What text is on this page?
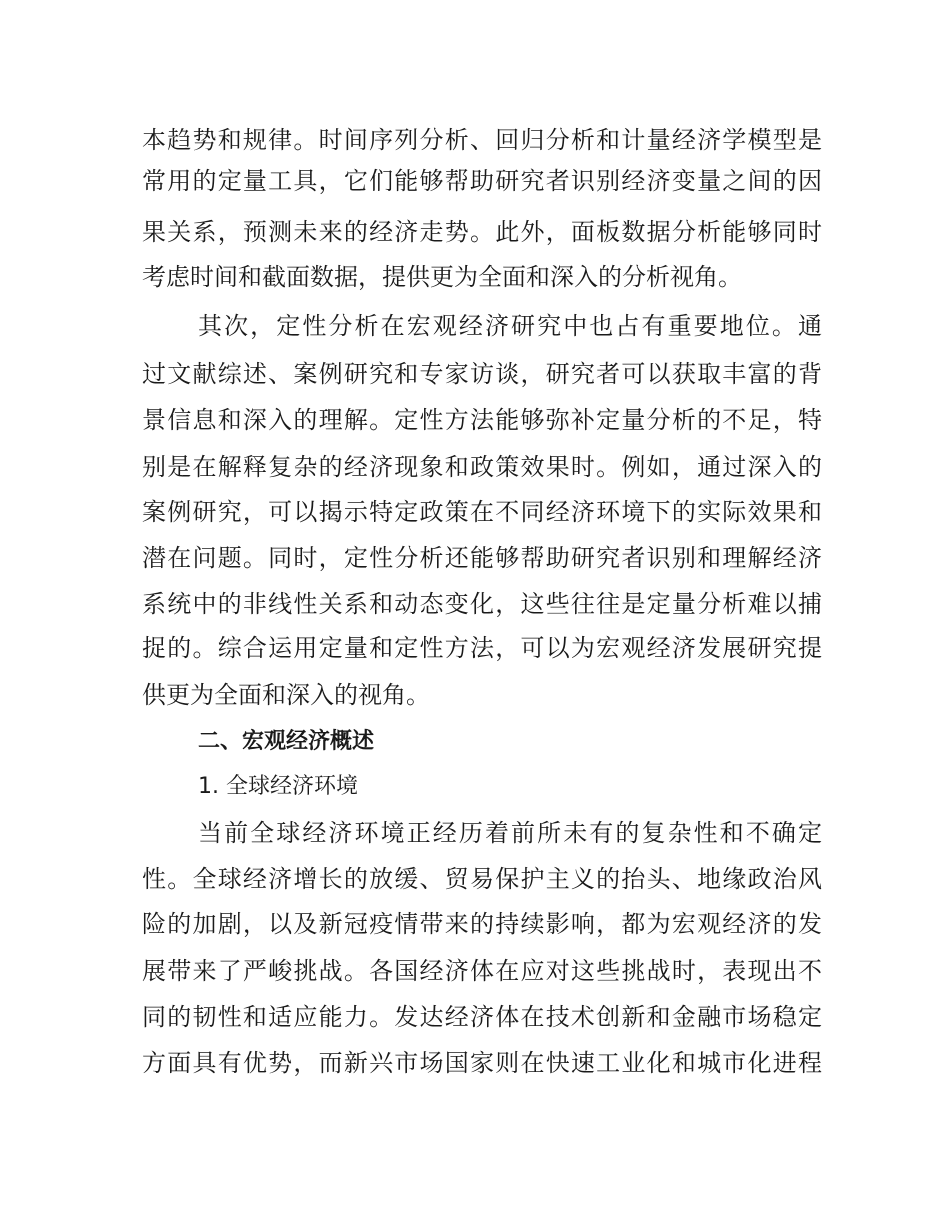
本趋势和规律。时间序列分析、回归分析和计量经济学模型是
常用的定量工具，它们能够帮助研究者识别经济变量之间的因
果关系，预测未来的经济走势。此外，面板数据分析能够同时
考虑时间和截面数据，提供更为全面和深入的分析视角。
其次，定性分析在宏观经济研究中也占有重要地位。通
过文献综述、案例研究和专家访谈，研究者可以获取丰富的背
景信息和深入的理解。定性方法能够弥补定量分析的不足，特
别是在解释复杂的经济现象和政策效果时。例如，通过深入的
案例研究，可以揭示特定政策在不同经济环境下的实际效果和
潜在问题。同时，定性分析还能够帮助研究者识别和理解经济
系统中的非线性关系和动态变化，这些往往是定量分析难以捕
捉的。综合运用定量和定性方法，可以为宏观经济发展研究提
供更为全面和深入的视角。
二、宏观经济概述
1. 全球经济环境
当前全球经济环境正经历着前所未有的复杂性和不确定
性。全球经济增长的放缓、贸易保护主义的抬头、地缘政治风
险的加剧，以及新冠疫情带来的持续影响，都为宏观经济的发
展带来了严峻挑战。各国经济体在应对这些挑战时，表现出不
同的韧性和适应能力。发达经济体在技术创新和金融市场稳定
方面具有优势，而新兴市场国家则在快速工业化和城市化进程
